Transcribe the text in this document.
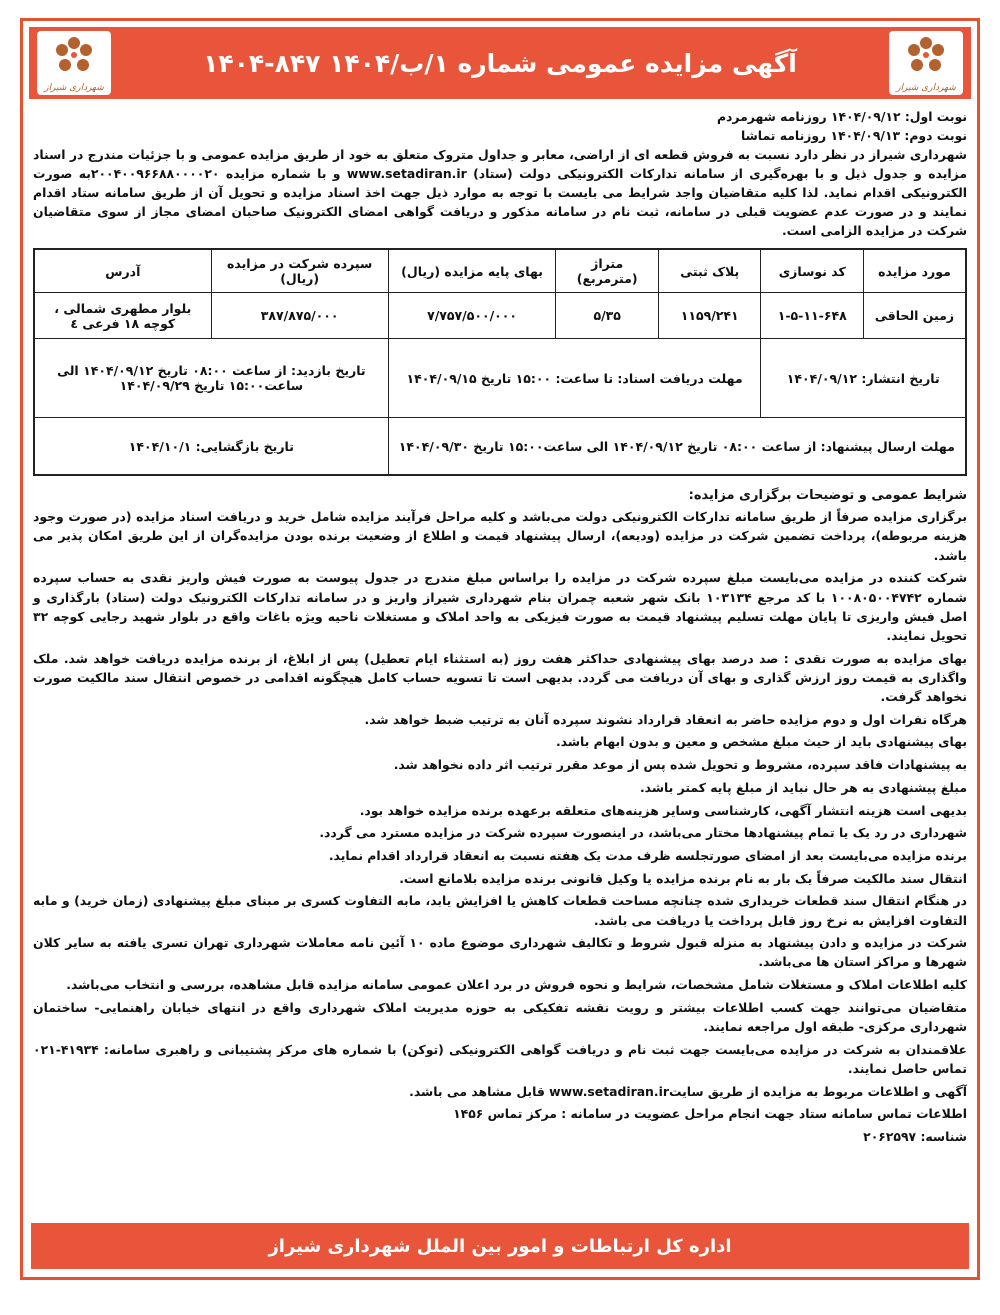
شهرداری شیراز
آگهی مزایده عمومی شماره ۱/ب/۱۴۰۴ ۸۴۷-۱۴۰۴
شهرداری شیراز

نوبت اول: ۱۴۰۴/۰۹/۱۲ روزنامه شهرمردم

نوبت دوم: ۱۴۰۴/۰۹/۱۳ روزنامه تماشا

شهرداری شیراز در نظر دارد نسبت به فروش قطعه ای از اراضی، معابر و جداول متروک متعلق به خود از طریق مزایده عمومی و با جزئیات مندرج در اسناد مزایده و جدول ذیل و با بهره‌گیری از سامانه تدارکات الکترونیکی دولت (ستاد) www.setadiran.ir و با شماره مزایده ۲۰۰۴۰۰۹۶۶۸۸۰۰۰۰۲۰به صورت الکترونیکی اقدام نماید. لذا کلیه متقاضیان واجد شرایط می بایست با توجه به موارد ذیل جهت اخذ اسناد مزایده و تحویل آن از طریق سامانه ستاد اقدام نمایند و در صورت عدم عضویت قبلی در سامانه، ثبت نام در سامانه مذکور و دریافت گواهی امضای الکترونیک صاحبان امضای مجاز از سوی متقاضیان شرکت در مزایده الزامی است.

مورد مزایده	کد نوسازی	پلاک ثبتی	متراژ (مترمربع)	بهای پایه مزایده (ریال)	سپرده شرکت در مزایده (ریال)	آدرس
زمین الحاقی	۱-۵-۱۱-۶۴۸	۱۱۵۹/۲۴۱	۵/۳۵	۷/۷۵۷/۵۰۰/۰۰۰	۳۸۷/۸۷۵/۰۰۰	بلوار مطهری شمالی ، کوچه ۱۸ فرعی ٤
تاریخ انتشار: ۱۴۰۴/۰۹/۱۲		مهلت دریافت اسناد: تا ساعت: ۱۵:۰۰ تاریخ ۱۴۰۴/۰۹/۱۵			تاریخ بازدید: از ساعت ۰۸:۰۰ تاریخ ۱۴۰۴/۰۹/۱۲ الی ساعت۱۵:۰۰ تاریخ ۱۴۰۴/۰۹/۲۹	
مهلت ارسال پیشنهاد: از ساعت ۰۸:۰۰ تاریخ ۱۴۰۴/۰۹/۱۲ الی ساعت۱۵:۰۰ تاریخ ۱۴۰۴/۰۹/۳۰					تاریخ بازگشایی: ۱۴۰۴/۱۰/۱	

شرایط عمومی و توضیحات برگزاری مزایده:

برگزاری مزایده صرفاً از طریق سامانه تدارکات الکترونیکی دولت می‌باشد و کلیه مراحل فرآیند مزایده شامل خرید و دریافت اسناد مزایده (در صورت وجود هزینه مربوطه)، پرداخت تضمین شرکت در مزایده (ودیعه)، ارسال پیشنهاد قیمت و اطلاع از وضعیت برنده بودن مزایده‌گران از این طریق امکان پذیر می باشد.

شرکت کننده در مزایده می‌بایست مبلغ سپرده شرکت در مزایده را براساس مبلغ مندرج در جدول پیوست به صورت فیش واریز نقدی به حساب سپرده شماره ۱۰۰۸۰۵۰۰۴۷۴۲ با کد مرجع ۱۰۳۱۳۴ بانک شهر شعبه چمران بنام شهرداری شیراز واریز و در سامانه تدارکات الکترونیک دولت (ستاد) بارگذاری و اصل فیش واریزی تا پایان مهلت تسلیم پیشنهاد قیمت به صورت فیزیکی به واحد املاک و مستغلات ناحیه ویژه باغات واقع در بلوار شهید رجایی کوچه ۳۲ تحویل نمایند.

بهای مزایده به صورت نقدی : صد درصد بهای پیشنهادی حداکثر هفت روز (به استثناء ایام تعطیل) پس از ابلاغ، از برنده مزایده دریافت خواهد شد. ملک واگذاری به قیمت روز ارزش گذاری و بهای آن دریافت می گردد. بدیهی است تا تسویه حساب کامل هیچگونه اقدامی در خصوص انتقال سند مالکیت صورت نخواهد گرفت.

هرگاه نفرات اول و دوم مزایده حاضر به انعقاد قرارداد نشوند سپرده آنان به ترتیب ضبط خواهد شد.

بهای پیشنهادی باید از حیث مبلغ مشخص و معین و بدون ابهام باشد.

به پیشنهادات فاقد سپرده، مشروط و تحویل شده پس از موعد مقرر ترتیب اثر داده نخواهد شد.

مبلغ پیشنهادی به هر حال نباید از مبلغ پایه کمتر باشد.

بدیهی است هزینه انتشار آگهی، کارشناسی وسایر هزینه‌های متعلقه برعهده برنده مزایده خواهد بود.

شهرداری در رد یک یا تمام پیشنهادها مختار می‌باشد، در اینصورت سپرده شرکت در مزایده مسترد می گردد.

برنده مزایده می‌بایست بعد از امضای صورتجلسه ظرف مدت یک هفته نسبت به انعقاد قرارداد اقدام نماید.

انتقال سند مالکیت صرفاً یک بار به نام برنده مزایده یا وکیل قانونی برنده مزایده بلامانع است.

در هنگام انتقال سند قطعات خریداری شده چنانچه مساحت قطعات کاهش یا افزایش یابد، مابه التفاوت کسری بر مبنای مبلغ پیشنهادی (زمان خرید) و مابه التفاوت افزایش به نرخ روز قابل پرداخت یا دریافت می باشد.

شرکت در مزایده و دادن پیشنهاد به منزله قبول شروط و تکالیف شهرداری موضوع ماده ۱۰ آئین نامه معاملات شهرداری تهران تسری یافته به سایر کلان شهرها و مراکز استان ها می‌باشد.

کلیه اطلاعات املاک و مستغلات شامل مشخصات، شرایط و نحوه فروش در برد اعلان عمومی سامانه مزایده قابل مشاهده، بررسی و انتخاب می‌باشد.

متقاضیان می‌توانند جهت کسب اطلاعات بیشتر و رویت نقشه تفکیکی به حوزه مدیریت املاک شهرداری واقع در انتهای خیابان راهنمایی- ساختمان شهرداری مرکزی- طبقه اول مراجعه نمایند.

علاقمندان به شرکت در مزایده می‌بایست جهت ثبت نام و دریافت گواهی الکترونیکی (توکن) با شماره های مرکز پشتیبانی و راهبری سامانه: ۴۱۹۳۴-۰۲۱ تماس حاصل نمایند.

آگهی و اطلاعات مربوط به مزایده از طریق سایتwww.setadiran.ir قابل مشاهد می باشد.

اطلاعات تماس سامانه ستاد جهت انجام مراحل عضویت در سامانه : مرکز تماس ۱۴۵۶

شناسه: ۲۰۶۲۵۹۷

اداره کل ارتباطات و امور بین الملل شهرداری شیراز
